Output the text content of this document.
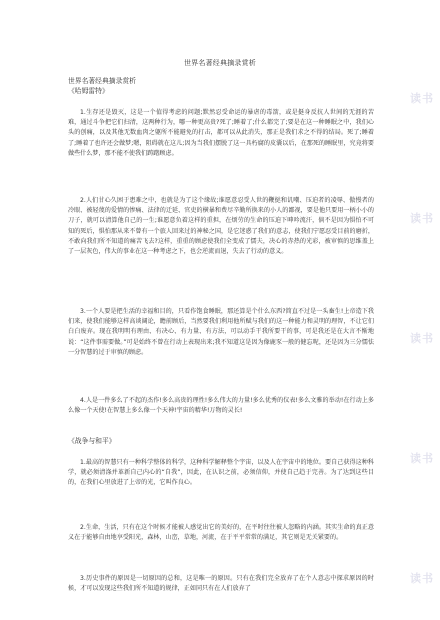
世界名著经典摘录赏析
世界名著经典摘录赏析
《哈姆雷特》
1.生存还是毁灭，这是一个值得考虑的问题;默然忍受命运的暴虐的毒箭，或是挺身反抗人世间的无涯的苦难，通过斗争把它们扫清，这两种行为，哪一种更高贵?死了;睡着了;什么都完了;要是在这一种睡眠之中，我们心头的创痛，以及其他无数血肉之躯所不能避免的打击，都可以从此消失，那正是我们求之不得的结局。死了;睡着了;睡着了也许还会做梦;嗯，阻碍就在这儿;因为当我们摆脱了这一具朽腐的皮囊以后，在那死的睡眠里，究竟将要做些什么梦，那不能不使我们踌躇顾虑。
2.人们甘心久困于患难之中，也就是为了这个缘故;谁愿意忍受人世的鞭挞和讥嘲、压迫者的凌辱、傲慢者的冷眼、被轻蔑的爱情的惨痛、法律的迁延、官吏的横暴和费尽辛勤所换来的小人的鄙视，要是他只要用一柄小小的刀子，就可以清算他自己的一生;谁愿意负着这样的重担，在烦劳的生命的压迫下呻吟流汗，倘不是因为惧怕不可知的死后，惧怕那从来不曾有一个旅人回来过的神秘之国，是它迷惑了我们的意志，使我们宁愿忍受目前的磨折，不敢向我们所不知道的痛苦飞去?这样，重重的顾虑使我们全变成了懦夫，决心的赤热的光彩，被审慎的思维盖上了一层灰色，伟大的事业在这一种考虑之下，也会逆流而退，失去了行动的意义。
3.一个人要是把生活的幸福和目的，只看作饱食睡眠，那还算是个什么东西?简直不过是一头畜生!上帝造下我们来，使我们能够这样高谈阔论，瞻前顾后，当然要我们利用他所赋与我们的这一种能力和灵明的理智，不让它们白白废弃。现在我明明有理由、有决心、有力量、有方法，可以动手干我所要干的事，可是我还是在大言不惭地说：“这件事需要做。”可是始终不曾在行动上表现出来;我不知道这是因为像鹿豕一般的健忘呢，还是因为三分懦怯一分智慧的过于审慎的顾虑。
4.人是一件多么了不起的杰作!多么高贵的理性!多么伟大的力量!多么优秀的仪表!多么文雅的举动!在行动上多么像一个天使!在智慧上多么像一个天神!宇宙的精华!万物的灵长!
《战争与和平》
1.最高的智慧只有一种科学整体的科学，这种科学解释整个宇宙，以及人在宇宙中的地位。要自己获得这种科学，就必须清涤并革新自己内心的“自我”，因此，在认识之前，必须信仰，并使自己趋于完善。为了达到这些目的，在我们心里放进了上帝的光，它叫作良心。
2.生命，生活，只有在这个时候才能被人感觉出它的美好的，在平时往往被人忽略的内涵。其实生命的真正意义在于能够自由地享受阳光，森林，山峦，草地，河流，在于平平常常的满足，其它则是无关紧要的。
3.历史事件的原因是一切原因的总和，这是唯一的原因。只有在我们完全放弃了在个人意志中探求原因的时候，才可以发现这些我们所不知道的规律，正如同只有在人们放弃了
读书
读书
读书
读书
读书
